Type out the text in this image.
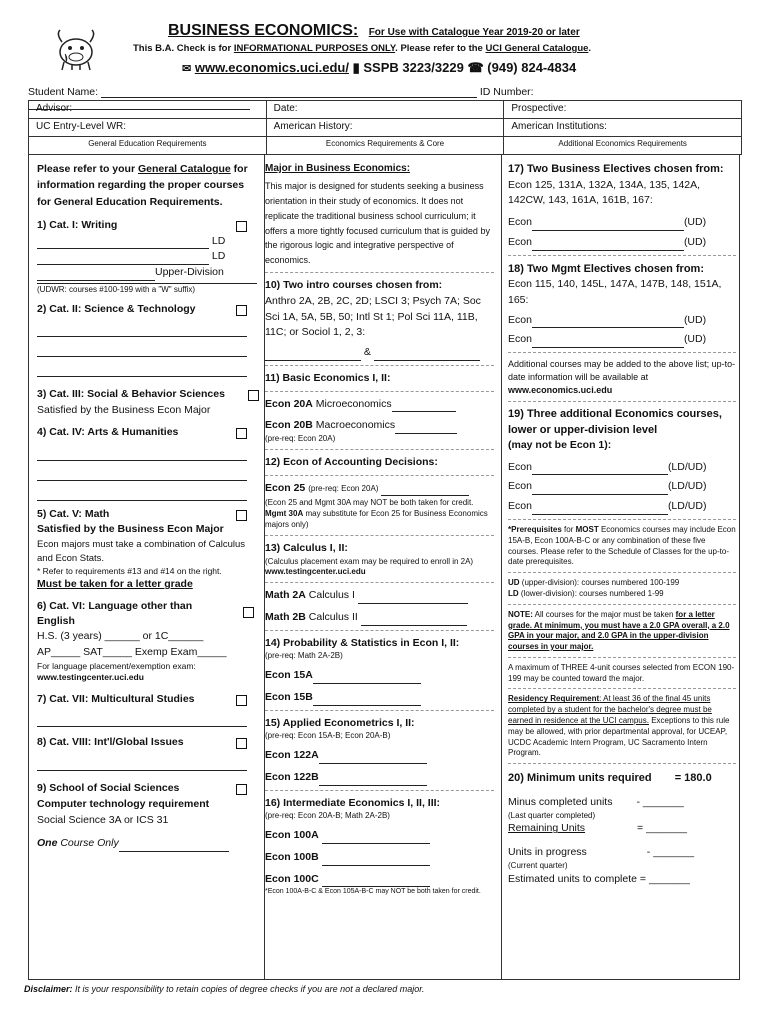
BUSINESS ECONOMICS: For Use with Catalogue Year 2019-20 or later
This B.A. Check is for INFORMATIONAL PURPOSES ONLY. Please refer to the UCI General Catalogue.
✉ www.economics.uci.edu/ ▮ SSPB 3223/3229 ☎ (949) 824-4834
Student Name:	ID Number:
Advisor:	Date:	Prospective:
UC Entry-Level WR:	American History:	American Institutions:
General Education Requirements	Economics Requirements & Core	Additional Economics Requirements

Please refer to your General Catalogue for information regarding the proper courses for General Education Requirements.

1) Cat. I: Writing

LD

LD

Upper-Division

(UDWR: courses #100-199 with a "W" suffix)

2) Cat. II: Science & Technology

3) Cat. III: Social & Behavior Sciences

Satisfied by the Business Econ Major

4) Cat. IV: Arts & Humanities

5) Cat. V: Math

Satisfied by the Business Econ Major

Econ majors must take a combination of Calculus and Econ Stats.

* Refer to requirements #13 and #14 on the right.

Must be taken for a letter grade

6) Cat. VI: Language other than English

H.S. (3 years) ______ or 1C______

AP_____ SAT_____ Exemp Exam_____

For language placement/exemption exam:

www.testingcenter.uci.edu

7) Cat. VII: Multicultural Studies

8) Cat. VIII: Int'l/Global Issues

9) School of Social Sciences

Computer technology requirement

Social Science 3A or ICS 31

One Course Only

Major in Business Economics:

This major is designed for students seeking a business orientation in their study of economics. It does not replicate the traditional business school curriculum; it offers a more tightly focused curriculum that is guided by the rigorous logic and integrative perspective of economics.

10) Two intro courses chosen from:

Anthro 2A, 2B, 2C, 2D; LSCI 3; Psych 7A; Soc Sci 1A, 5A, 5B, 50; Intl St 1; Pol Sci 11A, 11B, 11C; or Sociol 1, 2, 3:

&

11) Basic Economics I, II:

Econ 20A Microeconomics

Econ 20B Macroeconomics

(pre-req: Econ 20A)

12) Econ of Accounting Decisions:

Econ 25 (pre-req: Econ 20A)

(Econ 25 and Mgmt 30A may NOT be both taken for credit. Mgmt 30A may substitute for Econ 25 for Business Economics majors only)

13) Calculus I, II:

(Calculus placement exam may be required to enroll in 2A)

www.testingcenter.uci.edu

Math 2A Calculus I

Math 2B Calculus II

14) Probability & Statistics in Econ I, II:

(pre-req: Math 2A-2B)

Econ 15A

Econ 15B

15) Applied Econometrics I, II:

(pre-req: Econ 15A-B; Econ 20A-B)

Econ 122A

Econ 122B

16) Intermediate Economics I, II, III:

(pre-req: Econ 20A-B; Math 2A-2B)

Econ 100A

Econ 100B

Econ 100C

*Econ 100A-B-C & Econ 105A-B-C may NOT be both taken for credit.

17) Two Business Electives chosen from:

Econ 125, 131A, 132A, 134A, 135, 142A, 142CW, 143, 161A, 161B, 167:

Econ	(UD)

Econ	(UD)

18) Two Mgmt Electives chosen from:

Econ 115, 140, 145L, 147A, 147B, 148, 151A, 165:

Econ	(UD)

Econ	(UD)

Additional courses may be added to the above list; up-to-date information will be available at

www.economics.uci.edu

19) Three additional Economics courses, lower or upper-division level

(may not be Econ 1):

Econ	(LD/UD)

Econ	(LD/UD)

Econ	(LD/UD)

*Prerequisites for MOST Economics courses may include Econ 15A-B, Econ 100A-B-C or any combination of these five courses. Please refer to the Schedule of Classes for the up-to-date prerequisites.

UD (upper-division): courses numbered 100-199

LD (lower-division): courses numbered 1-99

NOTE: All courses for the major must be taken for a letter grade. At minimum, you must have a 2.0 GPA overall, a 2.0 GPA in your major, and 2.0 GPA in the upper-division courses in your major.

A maximum of THREE 4-unit courses selected from ECON 190-199 may be counted toward the major.

Residency Requirement: At least 36 of the final 45 units completed by a student for the bachelor's degree must be earned in residence at the UCI campus. Exceptions to this rule may be allowed, with prior departmental approval, for UCEAP, UCDC Academic Intern Program, UC Sacramento Intern Program.

20) Minimum units required = 180.0

Minus completed units - _______

(Last quarter completed)

Remaining Units	= _______

Units in progress	- _______

(Current quarter)

Estimated units to complete = _______

Disclaimer: It is your responsibility to retain copies of degree checks if you are not a declared major.
